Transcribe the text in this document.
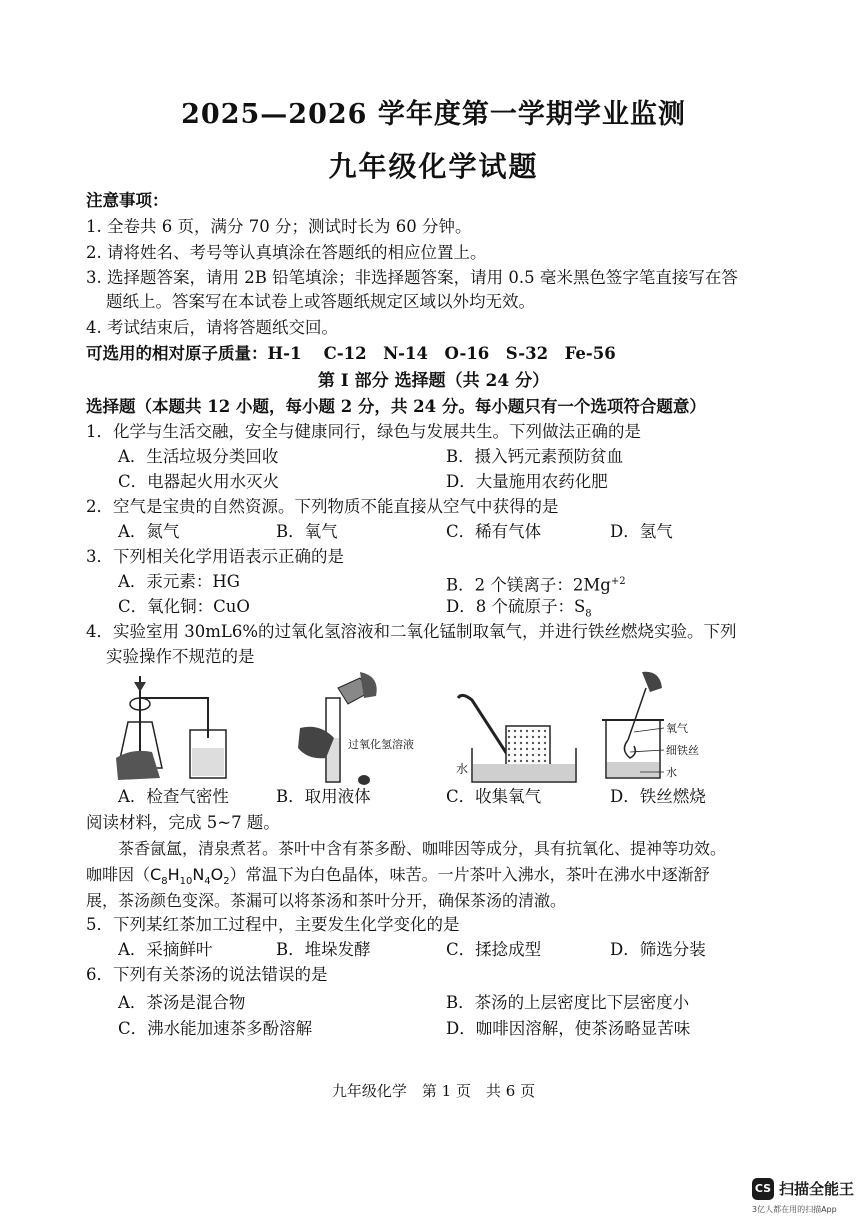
2025—2026 学年度第一学期学业监测
九年级化学试题
注意事项：
1. 全卷共 6 页，满分 70 分；测试时长为 60 分钟。
2. 请将姓名、考号等认真填涂在答题纸的相应位置上。
3. 选择题答案，请用 2B 铅笔填涂；非选择题答案，请用 0.5 毫米黑色签字笔直接写在答
题纸上。答案写在本试卷上或答题纸规定区域以外均无效。
4. 考试结束后，请将答题纸交回。
可选用的相对原子质量：H-1　 C-12　N-14　O-16　S-32　Fe-56
第 I 部分 选择题（共 24 分）
选择题（本题共 12 小题，每小题 2 分，共 24 分。每小题只有一个选项符合题意）
1．化学与生活交融，安全与健康同行，绿色与发展共生。下列做法正确的是
A．生活垃圾分类回收	B．摄入钙元素预防贫血
C．电器起火用水灭火	D．大量施用农药化肥
2．空气是宝贵的自然资源。下列物质不能直接从空气中获得的是
A．氮气	B．氧气	C．稀有气体	D．氢气
3．下列相关化学用语表示正确的是
A．汞元素：HG	B．2 个镁离子：$2Mg^{+2}$
C．氧化铜：CuO	D．8 个硫原子：$S_8$
4．实验室用 30mL6%的过氧化氢溶液和二氧化锰制取氧气，并进行铁丝燃烧实验。下列
实验操作不规范的是
过氧化氢溶液
水
氧气
细铁丝
水
A．检查气密性	B．取用液体	C．收集氧气	D．铁丝燃烧
阅读材料，完成 5~7 题。
茶香氤氲，清泉煮茗。茶叶中含有茶多酚、咖啡因等成分，具有抗氧化、提神等功效。
咖啡因$(C_8H_{10}N_4O_2)$常温下为白色晶体，味苦。一片茶叶入沸水，茶叶在沸水中逐渐舒
展，茶汤颜色变深。茶漏可以将茶汤和茶叶分开，确保茶汤的清澈。
5．下列某红茶加工过程中，主要发生化学变化的是
A．采摘鲜叶	B．堆垛发酵	C．揉捻成型	D．筛选分装
6．下列有关茶汤的说法错误的是
A．茶汤是混合物	B．茶汤的上层密度比下层密度小
C．沸水能加速茶多酚溶解	D．咖啡因溶解，使茶汤略显苦味
九年级化学　第 1 页　共 6 页
CS 扫描全能王
3亿人都在用的扫描App
